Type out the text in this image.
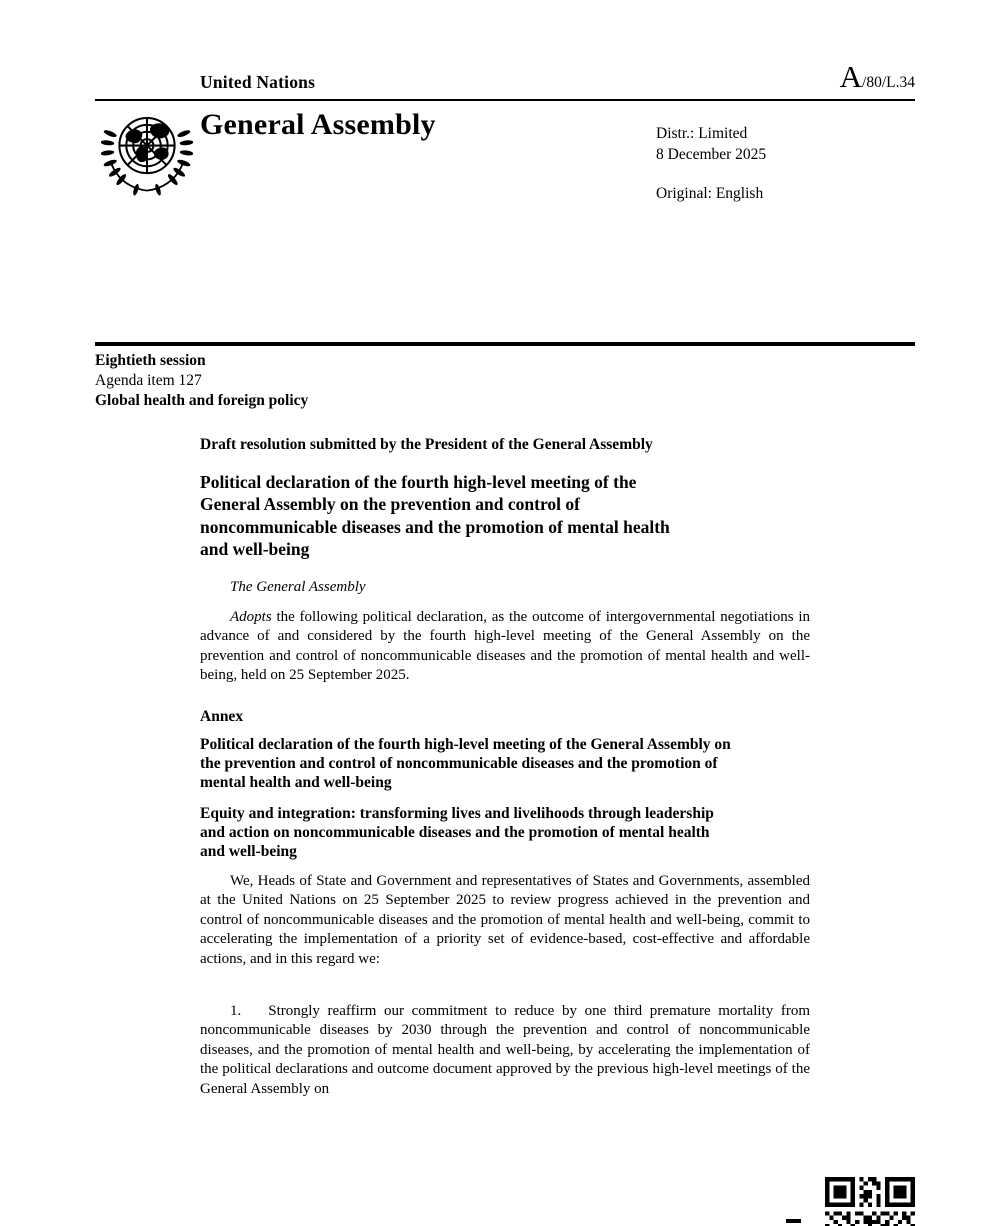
United Nations	A/80/L.34
General Assembly	Distr.: Limited
8 December 2025
Original: English
Eightieth session
Agenda item 127
Global health and foreign policy
Draft resolution submitted by the President of the General Assembly
Political declaration of the fourth high-level meeting of the
General Assembly on the prevention and control of
noncommunicable diseases and the promotion of mental health
and well-being
The General Assembly

Adopts the following political declaration, as the outcome of intergovernmental negotiations in advance of and considered by the fourth high-level meeting of the General Assembly on the prevention and control of noncommunicable diseases and the promotion of mental health and well-being, held on 25 September 2025.

Annex
Political declaration of the fourth high-level meeting of the General Assembly on
the prevention and control of noncommunicable diseases and the promotion of
mental health and well-being
Equity and integration: transforming lives and livelihoods through leadership
and action on noncommunicable diseases and the promotion of mental health
and well-being

We, Heads of State and Government and representatives of States and Governments, assembled at the United Nations on 25 September 2025 to review progress achieved in the prevention and control of noncommunicable diseases and the promotion of mental health and well-being, commit to accelerating the implementation of a priority set of evidence-based, cost-effective and affordable actions, and in this regard we:

1. Strongly reaffirm our commitment to reduce by one third premature mortality from noncommunicable diseases by 2030 through the prevention and control of noncommunicable diseases, and the promotion of mental health and well-being, by accelerating the implementation of the political declarations and outcome document approved by the previous high-level meetings of the General Assembly on
